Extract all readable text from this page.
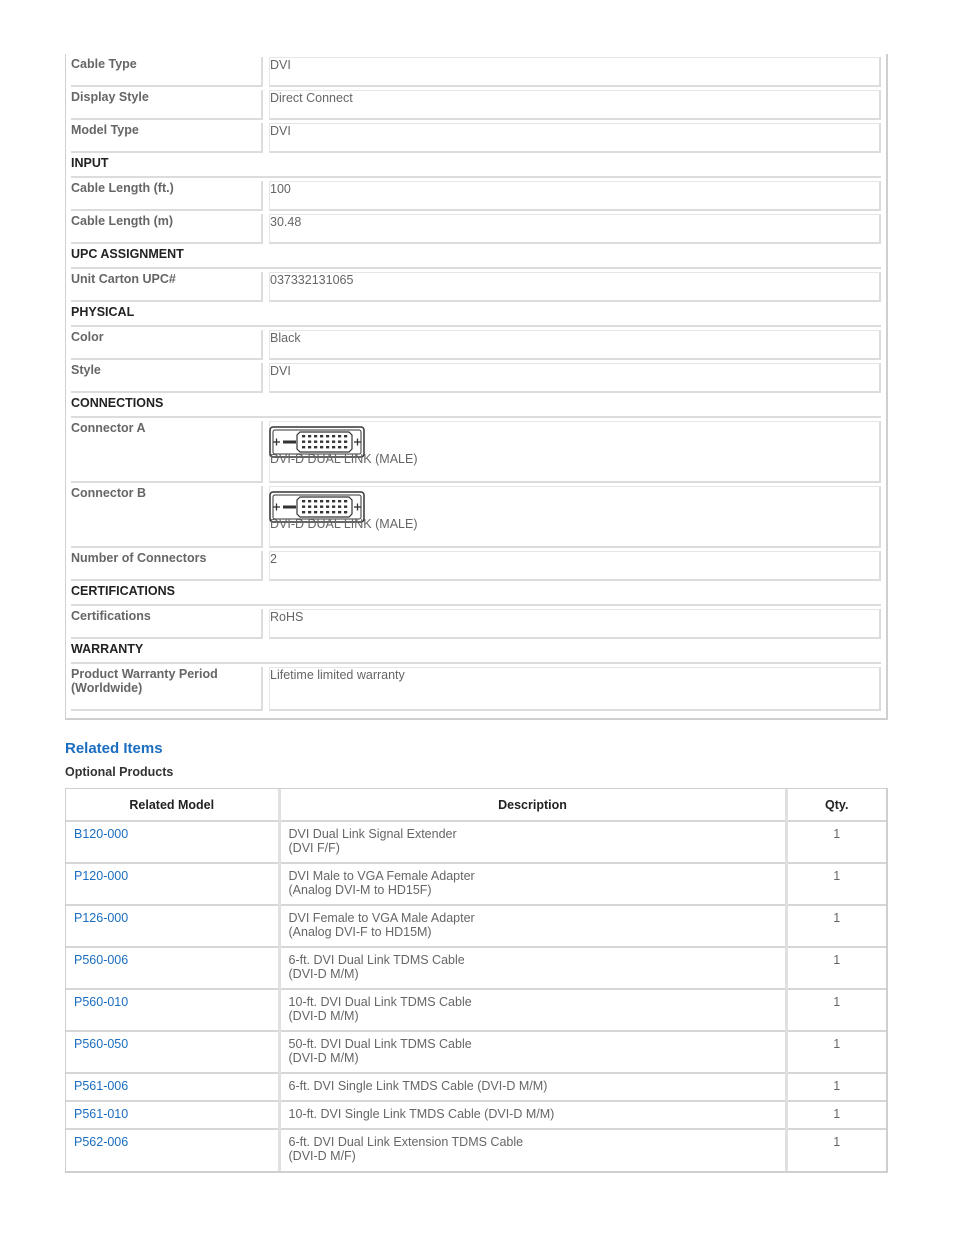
Cable Type		DVI
Display Style		Direct Connect
Model Type		DVI
INPUT		
Cable Length (ft.)		100
Cable Length (m)		30.48
UPC ASSIGNMENT		
Unit Carton UPC#		037332131065
PHYSICAL		
Color		Black
Style		DVI
CONNECTIONS		
Connector A		DVI-D DUAL LINK (MALE)

Connector B		DVI-D DUAL LINK (MALE)

Number of Connectors		2
CERTIFICATIONS		
Certifications		RoHS
WARRANTY		
Product Warranty Period (Worldwide)		Lifetime limited warranty
Related Items
Optional Products
Related Model	Description	Qty.
B120-000	DVI Dual Link Signal Extender
(DVI F/F)	1
P120-000	DVI Male to VGA Female Adapter
(Analog DVI-M to HD15F)	1
P126-000	DVI Female to VGA Male Adapter
(Analog DVI-F to HD15M)	1
P560-006	6-ft. DVI Dual Link TDMS Cable
(DVI-D M/M)	1
P560-010	10-ft. DVI Dual Link TDMS Cable
(DVI-D M/M)	1
P560-050	50-ft. DVI Dual Link TDMS Cable
(DVI-D M/M)	1
P561-006	6-ft. DVI Single Link TMDS Cable (DVI-D M/M)	1
P561-010	10-ft. DVI Single Link TMDS Cable (DVI-D M/M)	1
P562-006	6-ft. DVI Dual Link Extension TDMS Cable
(DVI-D M/F)	1
